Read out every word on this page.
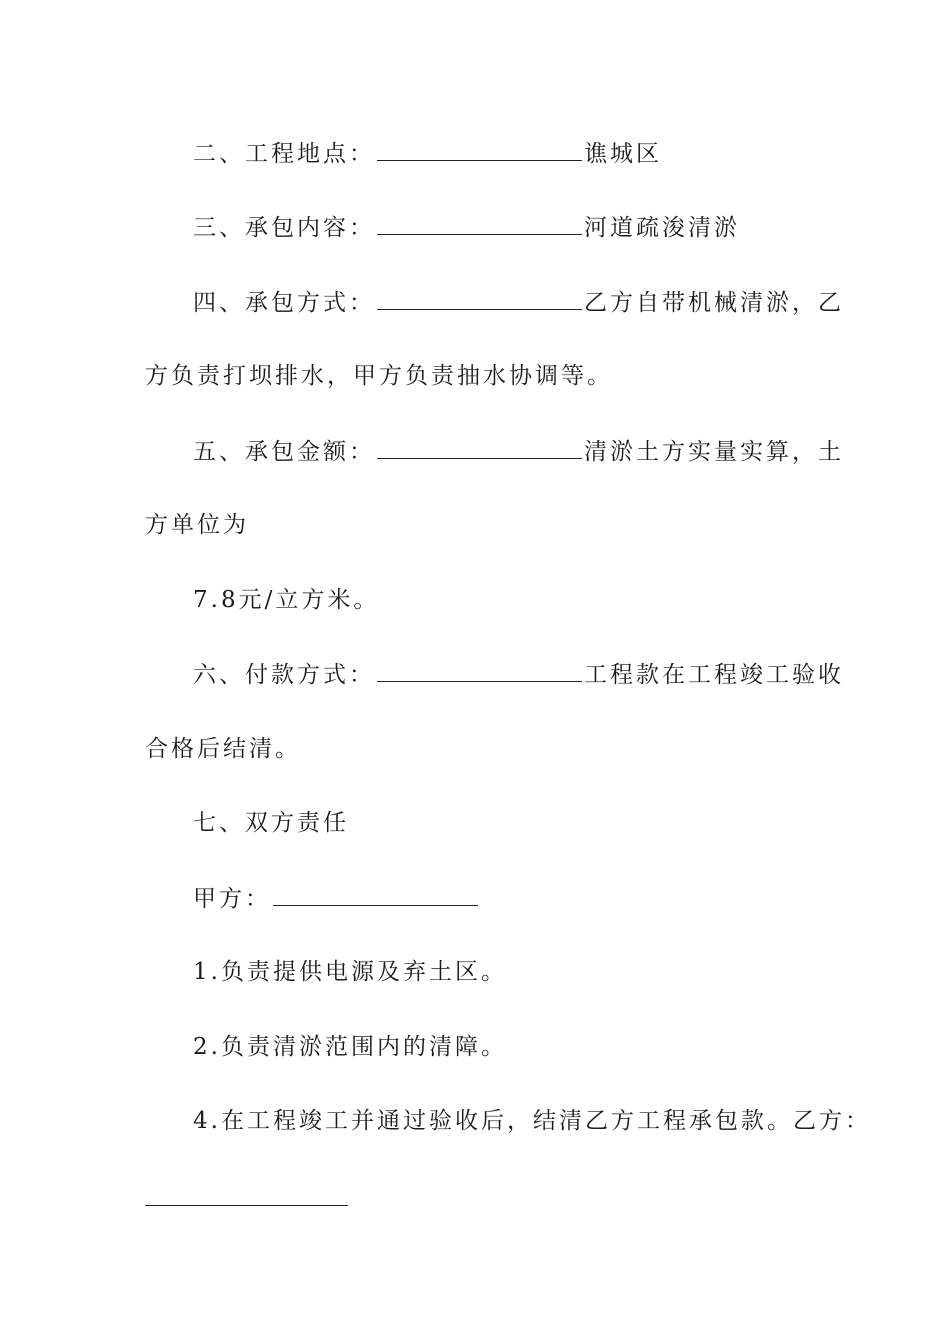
二、工程地点：	谯城区
三、承包内容：	河道疏浚清淤
四、承包方式：	乙方自带机械清淤，乙
方负责打坝排水，甲方负责抽水协调等。
五、承包金额：	清淤土方实量实算，土
方单位为
7.8元/立方米。
六、付款方式：	工程款在工程竣工验收
合格后结清。
七、双方责任
甲方：
1.负责提供电源及弃土区。
2.负责清淤范围内的清障。
4.在工程竣工并通过验收后，结清乙方工程承包款。乙方：
